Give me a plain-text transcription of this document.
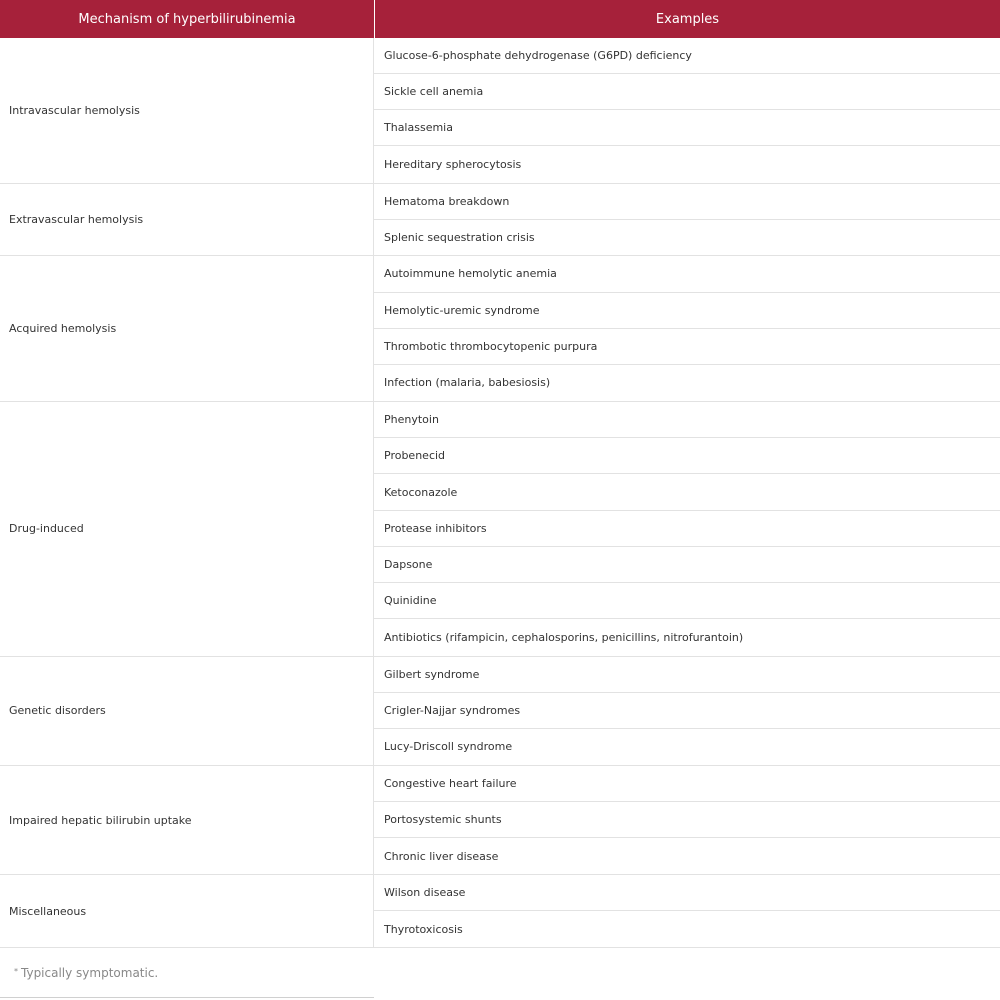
Mechanism of hyperbilirubinemia	Examples
Intravascular hemolysis
Glucose-6-phosphate dehydrogenase (G6PD) deficiency
Sickle cell anemia
Thalassemia
Hereditary spherocytosis
Extravascular hemolysis
Hematoma breakdown
Splenic sequestration crisis
Acquired hemolysis
Autoimmune hemolytic anemia
Hemolytic-uremic syndrome
Thrombotic thrombocytopenic purpura
Infection (malaria, babesiosis)
Drug-induced
Phenytoin
Probenecid
Ketoconazole
Protease inhibitors
Dapsone
Quinidine
Antibiotics (rifampicin, cephalosporins, penicillins, nitrofurantoin)
Genetic disorders
Gilbert syndrome
Crigler-Najjar syndromes
Lucy-Driscoll syndrome
Impaired hepatic bilirubin uptake
Congestive heart failure
Portosystemic shunts
Chronic liver disease
Miscellaneous
Wilson disease
Thyrotoxicosis
* Typically symptomatic.
